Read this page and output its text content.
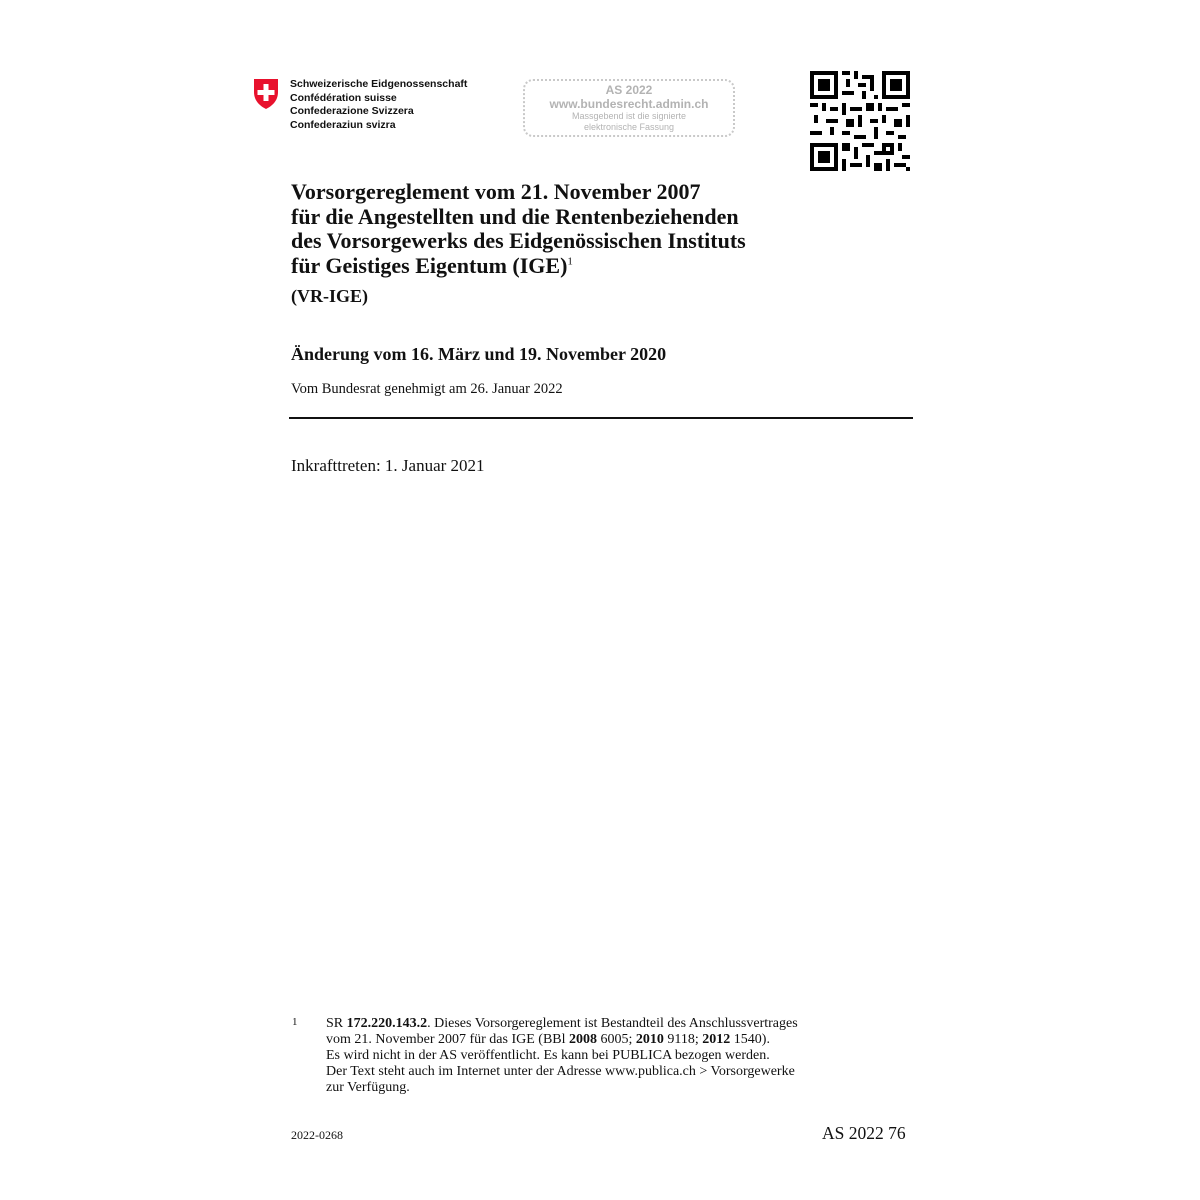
Schweizerische Eidgenossenschaft
Confédération suisse
Confederazione Svizzera
Confederaziun svizra
AS 2022
www.bundesrecht.admin.ch
Massgebend ist die signierte
elektronische Fassung
Vorsorgereglement vom 21. November 2007
für die Angestellten und die Rentenbeziehenden
des Vorsorgewerks des Eidgenössischen Instituts
für Geistiges Eigentum (IGE)$^1$
(VR-IGE)
Änderung vom 16. März und 19. November 2020
Vom Bundesrat genehmigt am 26. Januar 2022
Inkrafttreten: 1. Januar 2021
1 SR 172.220.143.2. Dieses Vorsorgereglement ist Bestandteil des Anschlussvertrages
vom 21. November 2007 für das IGE (BBl 2008 6005; 2010 9118; 2012 1540).
Es wird nicht in der AS veröffentlicht. Es kann bei PUBLICA bezogen werden.
Der Text steht auch im Internet unter der Adresse www.publica.ch > Vorsorgewerke
zur Verfügung.
2022-0268	AS 2022 76
